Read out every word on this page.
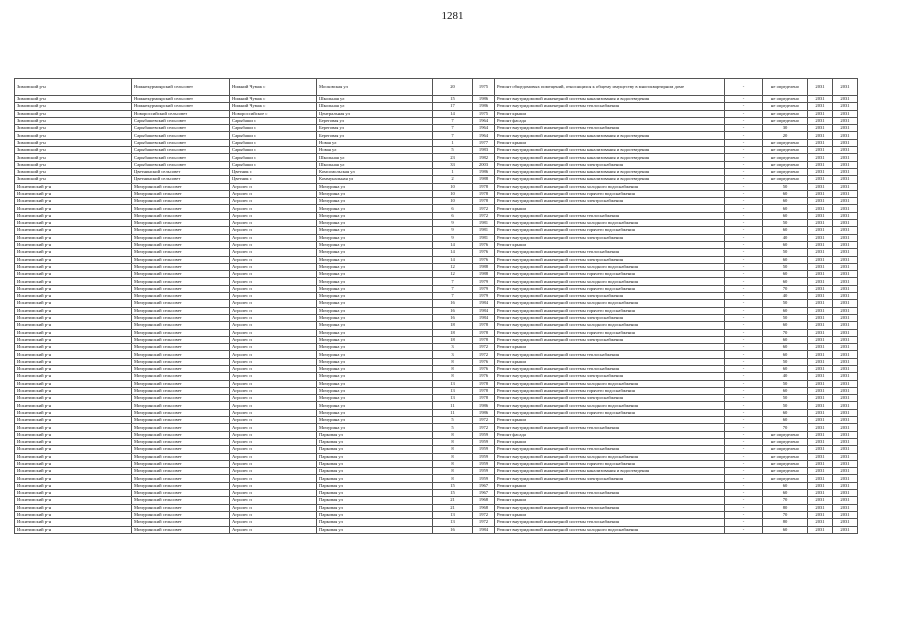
1281
Зимовский р-н	Нижнекурмоярский сельсовет	Нижний Чуваж с	Московская ул	20	1975	Ремонт общедомовых помещений, относящихся к общему имуществу в многоквартирном доме	-	не определено	2031	2031
Зимовский р-н	Нижнекурмоярский сельсовет	Нижний Чуваж с	Школьная ул	15	1986	Ремонт внутридомовой инженерной системы канализования и водоотведения	-	не определено	2031	2031
Зимовский р-н	Нижнекурмоярский сельсовет	Нижний Чуваж с	Школьная ул	17	1986	Ремонт внутридомовой инженерной системы теплоснабжения	-	не определено	2031	2031
Зимовский р-н	Новороссийский сельсовет	Новороссийское с	Центральная ул	14	1975	Ремонт крыши	-	не определено	2031	2031
Зимовский р-н	Сарыбашевский сельсовет	Сарыбаши с	Береговая ул	7	1964	Ремонт фасада	-	не определено	2031	2031
Зимовский р-н	Сарыбашевский сельсовет	Сарыбаши с	Береговая ул	7	1964	Ремонт внутридомовой инженерной системы теплоснабжения	-	30	2031	2031
Зимовский р-н	Сарыбашевский сельсовет	Сарыбаши с	Береговая ул	7	1964	Ремонт внутридомовой инженерной системы канализования и водоотведения	-	20	2031	2031
Зимовский р-н	Сарыбашевский сельсовет	Сарыбаши с	Новая ул	1	1977	Ремонт крыши	-	не определено	2031	2031
Зимовский р-н	Сарыбашевский сельсовет	Сарыбаши с	Новая ул	5	1983	Ремонт внутридомовой инженерной системы канализования и водоотведения	-	не определено	2031	2031
Зимовский р-н	Сарыбашевский сельсовет	Сарыбаши с	Школьная ул	23	1982	Ремонт внутридомовой инженерной системы канализования и водоотведения	-	не определено	2031	2031
Зимовский р-н	Сарыбашевский сельсовет	Сарыбаши с	Школьная ул	33	2003	Ремонт внутридомовой инженерной системы электроснабжения	-	не определено	2031	2031
Зимовский р-н	Цветнинский сельсовет	Цветник с	Комсомольская ул	1	1986	Ремонт внутридомовой инженерной системы канализования и водоотведения	-	не определено	2031	2031
Зимовский р-н	Цветнинский сельсовет	Цветник с	Коммунальная ул	2	1988	Ремонт внутридомовой инженерной системы канализования и водоотведения	-	не определено	2031	2031
Искитимский р-н	Мичуринский сельсовет	Агролес п	Мичурина ул	10	1978	Ремонт внутридомовой инженерной системы холодного водоснабжения	-	50	2031	2031
Искитимский р-н	Мичуринский сельсовет	Агролес п	Мичурина ул	10	1978	Ремонт внутридомовой инженерной системы горячего водоснабжения	-	60	2031	2031
Искитимский р-н	Мичуринский сельсовет	Агролес п	Мичурина ул	10	1978	Ремонт внутридомовой инженерной системы электроснабжения	-	60	2031	2031
Искитимский р-н	Мичуринский сельсовет	Агролес п	Мичурина ул	6	1972	Ремонт крыши	-	60	2031	2031
Искитимский р-н	Мичуринский сельсовет	Агролес п	Мичурина ул	6	1972	Ремонт внутридомовой инженерной системы теплоснабжения	-	60	2031	2031
Искитимский р-н	Мичуринский сельсовет	Агролес п	Мичурина ул	9	1981	Ремонт внутридомовой инженерной системы холодного водоснабжения	-	50	2031	2031
Искитимский р-н	Мичуринский сельсовет	Агролес п	Мичурина ул	9	1981	Ремонт внутридомовой инженерной системы горячего водоснабжения	-	60	2031	2031
Искитимский р-н	Мичуринский сельсовет	Агролес п	Мичурина ул	9	1981	Ремонт внутридомовой инженерной системы электроснабжения	-	40	2031	2031
Искитимский р-н	Мичуринский сельсовет	Агролес п	Мичурина ул	14	1976	Ремонт крыши	-	60	2031	2031
Искитимский р-н	Мичуринский сельсовет	Агролес п	Мичурина ул	14	1976	Ремонт внутридомовой инженерной системы теплоснабжения	-	50	2031	2031
Искитимский р-н	Мичуринский сельсовет	Агролес п	Мичурина ул	14	1976	Ремонт внутридомовой инженерной системы электроснабжения	-	60	2031	2031
Искитимский р-н	Мичуринский сельсовет	Агролес п	Мичурина ул	12	1988	Ремонт внутридомовой инженерной системы холодного водоснабжения	-	50	2031	2031
Искитимский р-н	Мичуринский сельсовет	Агролес п	Мичурина ул	12	1988	Ремонт внутридомовой инженерной системы горячего водоснабжения	-	60	2031	2031
Искитимский р-н	Мичуринский сельсовет	Агролес п	Мичурина ул	7	1979	Ремонт внутридомовой инженерной системы холодного водоснабжения	-	60	2031	2031
Искитимский р-н	Мичуринский сельсовет	Агролес п	Мичурина ул	7	1979	Ремонт внутридомовой инженерной системы горячего водоснабжения	-	70	2031	2031
Искитимский р-н	Мичуринский сельсовет	Агролес п	Мичурина ул	7	1979	Ремонт внутридомовой инженерной системы электроснабжения	-	40	2031	2031
Искитимский р-н	Мичуринский сельсовет	Агролес п	Мичурина ул	16	1984	Ремонт внутридомовой инженерной системы холодного водоснабжения	-	50	2031	2031
Искитимский р-н	Мичуринский сельсовет	Агролес п	Мичурина ул	16	1984	Ремонт внутридомовой инженерной системы горячего водоснабжения	-	60	2031	2031
Искитимский р-н	Мичуринский сельсовет	Агролес п	Мичурина ул	16	1984	Ремонт внутридомовой инженерной системы электроснабжения	-	50	2031	2031
Искитимский р-н	Мичуринский сельсовет	Агролес п	Мичурина ул	18	1978	Ремонт внутридомовой инженерной системы холодного водоснабжения	-	60	2031	2031
Искитимский р-н	Мичуринский сельсовет	Агролес п	Мичурина ул	18	1978	Ремонт внутридомовой инженерной системы горячего водоснабжения	-	70	2031	2031
Искитимский р-н	Мичуринский сельсовет	Агролес п	Мичурина ул	18	1978	Ремонт внутридомовой инженерной системы электроснабжения	-	60	2031	2031
Искитимский р-н	Мичуринский сельсовет	Агролес п	Мичурина ул	3	1972	Ремонт крыши	-	60	2031	2031
Искитимский р-н	Мичуринский сельсовет	Агролес п	Мичурина ул	3	1972	Ремонт внутридомовой инженерной системы теплоснабжения	-	60	2031	2031
Искитимский р-н	Мичуринский сельсовет	Агролес п	Мичурина ул	8	1976	Ремонт крыши	-	50	2031	2031
Искитимский р-н	Мичуринский сельсовет	Агролес п	Мичурина ул	8	1976	Ремонт внутридомовой инженерной системы теплоснабжения	-	60	2031	2031
Искитимский р-н	Мичуринский сельсовет	Агролес п	Мичурина ул	8	1976	Ремонт внутридомовой инженерной системы электроснабжения	-	40	2031	2031
Искитимский р-н	Мичуринский сельсовет	Агролес п	Мичурина ул	13	1978	Ремонт внутридомовой инженерной системы холодного водоснабжения	-	50	2031	2031
Искитимский р-н	Мичуринский сельсовет	Агролес п	Мичурина ул	13	1978	Ремонт внутридомовой инженерной системы горячего водоснабжения	-	60	2031	2031
Искитимский р-н	Мичуринский сельсовет	Агролес п	Мичурина ул	13	1978	Ремонт внутридомовой инженерной системы электроснабжения	-	50	2031	2031
Искитимский р-н	Мичуринский сельсовет	Агролес п	Мичурина ул	11	1986	Ремонт внутридомовой инженерной системы холодного водоснабжения	-	50	2031	2031
Искитимский р-н	Мичуринский сельсовет	Агролес п	Мичурина ул	11	1986	Ремонт внутридомовой инженерной системы горячего водоснабжения	-	60	2031	2031
Искитимский р-н	Мичуринский сельсовет	Агролес п	Мичурина ул	5	1972	Ремонт крыши	-	60	2031	2031
Искитимский р-н	Мичуринский сельсовет	Агролес п	Мичурина ул	5	1972	Ремонт внутридомовой инженерной системы теплоснабжения	-	70	2031	2031
Искитимский р-н	Мичуринский сельсовет	Агролес п	Парковая ул	8	1959	Ремонт фасада	-	не определено	2031	2031
Искитимский р-н	Мичуринский сельсовет	Агролес п	Парковая ул	8	1959	Ремонт крыши	-	не определено	2031	2031
Искитимский р-н	Мичуринский сельсовет	Агролес п	Парковая ул	8	1959	Ремонт внутридомовой инженерной системы теплоснабжения	-	не определено	2031	2031
Искитимский р-н	Мичуринский сельсовет	Агролес п	Парковая ул	8	1959	Ремонт внутридомовой инженерной системы холодного водоснабжения	-	не определено	2031	2031
Искитимский р-н	Мичуринский сельсовет	Агролес п	Парковая ул	8	1959	Ремонт внутридомовой инженерной системы горячего водоснабжения	-	не определено	2031	2031
Искитимский р-н	Мичуринский сельсовет	Агролес п	Парковая ул	8	1959	Ремонт внутридомовой инженерной системы канализования и водоотведения	-	не определено	2031	2031
Искитимский р-н	Мичуринский сельсовет	Агролес п	Парковая ул	8	1959	Ремонт внутридомовой инженерной системы электроснабжения	-	не определено	2031	2031
Искитимский р-н	Мичуринский сельсовет	Агролес п	Парковая ул	15	1967	Ремонт крыши	-	60	2031	2031
Искитимский р-н	Мичуринский сельсовет	Агролес п	Парковая ул	15	1967	Ремонт внутридомовой инженерной системы теплоснабжения	-	60	2031	2031
Искитимский р-н	Мичуринский сельсовет	Агролес п	Парковая ул	21	1968	Ремонт крыши	-	70	2031	2031
Искитимский р-н	Мичуринский сельсовет	Агролес п	Парковая ул	21	1968	Ремонт внутридомовой инженерной системы теплоснабжения	-	80	2031	2031
Искитимский р-н	Мичуринский сельсовет	Агролес п	Парковая ул	13	1972	Ремонт крыши	-	70	2031	2031
Искитимский р-н	Мичуринский сельсовет	Агролес п	Парковая ул	13	1972	Ремонт внутридомовой инженерной системы теплоснабжения	-	80	2031	2031
Искитимский р-н	Мичуринский сельсовет	Агролес п	Парковая ул	16	1984	Ремонт внутридомовой инженерной системы холодного водоснабжения	-	60	2031	2031
